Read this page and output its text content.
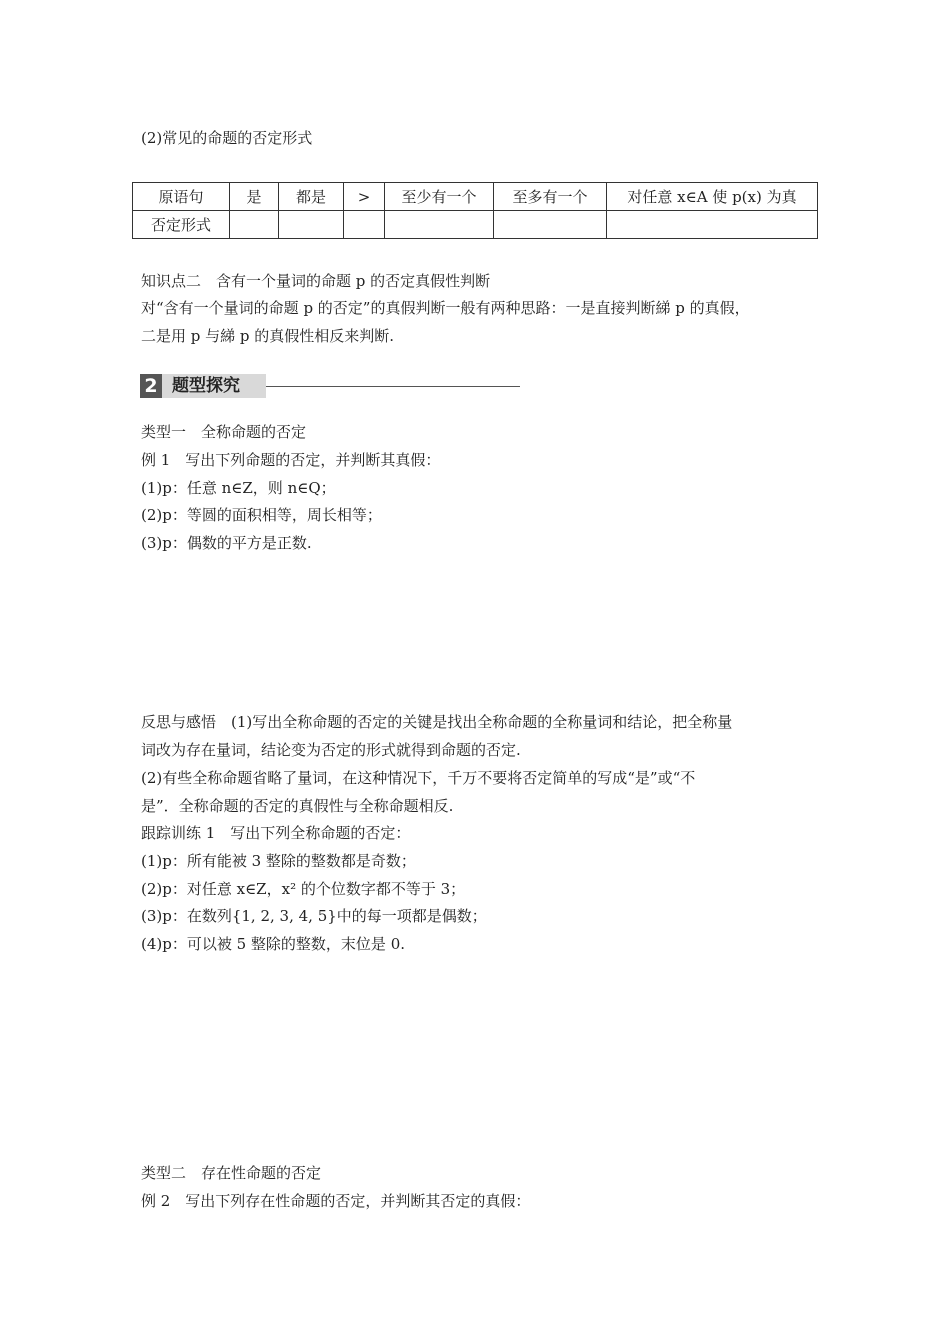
(2)常见的命题的否定形式
原语句	是	都是	>	至少有一个	至多有一个	对任意 x∈A 使 p(x) 为真
否定形式						
知识点二　含有一个量词的命题 p 的否定真假性判断
对“含有一个量词的命题 p 的否定”的真假判断一般有两种思路：一是直接判断綈 p 的真假，
二是用 p 与綈 p 的真假性相反来判断.
2 题型探究
类型一　全称命题的否定
例 1　写出下列命题的否定，并判断其真假：
(1)p：任意 n∈Z，则 n∈Q；
(2)p：等圆的面积相等，周长相等；
(3)p：偶数的平方是正数.
反思与感悟　(1)写出全称命题的否定的关键是找出全称命题的全称量词和结论，把全称量
词改为存在量词，结论变为否定的形式就得到命题的否定.
(2)有些全称命题省略了量词，在这种情况下，千万不要将否定简单的写成“是”或“不
是”．全称命题的否定的真假性与全称命题相反.
跟踪训练 1　写出下列全称命题的否定：
(1)p：所有能被 3 整除的整数都是奇数；
(2)p：对任意 x∈Z，x² 的个位数字都不等于 3；
(3)p：在数列{1, 2, 3, 4, 5}中的每一项都是偶数；
(4)p：可以被 5 整除的整数，末位是 0.
类型二　存在性命题的否定
例 2　写出下列存在性命题的否定，并判断其否定的真假：
